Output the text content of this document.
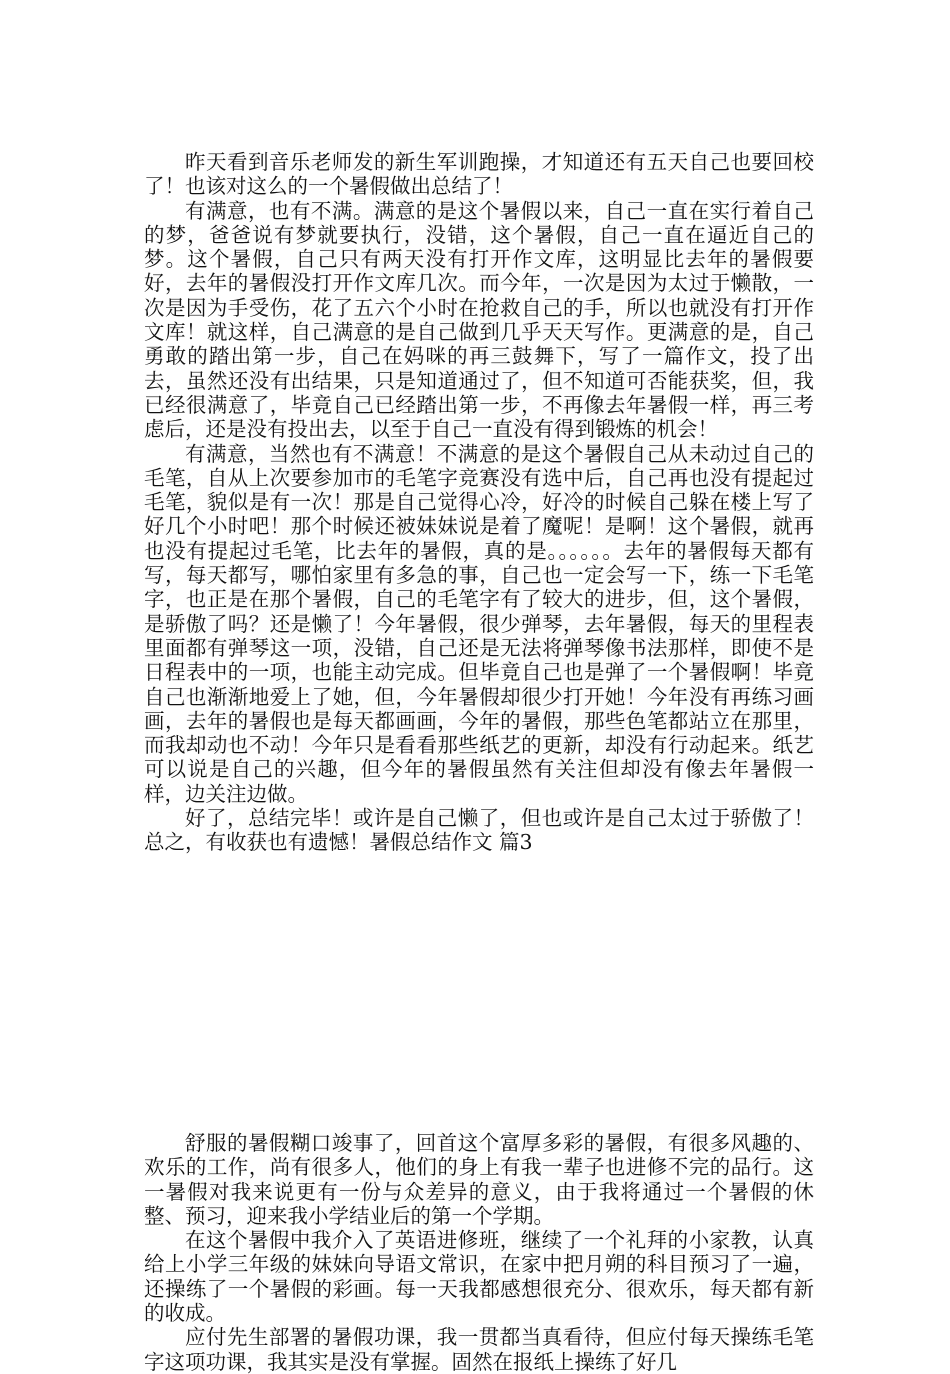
昨天看到音乐老师发的新生军训跑操，才知道还有五天自己也要回校了！也该对这么的一个暑假做出总结了！

有满意，也有不满。满意的是这个暑假以来，自己一直在实行着自己的梦，爸爸说有梦就要执行，没错，这个暑假，自己一直在逼近自己的梦。这个暑假，自己只有两天没有打开作文库，这明显比去年的暑假要好，去年的暑假没打开作文库几次。而今年，一次是因为太过于懒散，一次是因为手受伤，花了五六个小时在抢救自己的手，所以也就没有打开作文库！就这样，自己满意的是自己做到几乎天天写作。更满意的是，自己勇敢的踏出第一步，自己在妈咪的再三鼓舞下，写了一篇作文，投了出去，虽然还没有出结果，只是知道通过了，但不知道可否能获奖，但，我已经很满意了，毕竟自己已经踏出第一步，不再像去年暑假一样，再三考虑后，还是没有投出去，以至于自己一直没有得到锻炼的机会！

有满意，当然也有不满意！不满意的是这个暑假自己从未动过自己的毛笔，自从上次要参加市的毛笔字竞赛没有选中后，自己再也没有提起过毛笔，貌似是有一次！那是自己觉得心冷，好冷的时候自己躲在楼上写了好几个小时吧！那个时候还被妹妹说是着了魔呢！是啊！这个暑假，就再也没有提起过毛笔，比去年的暑假，真的是。。。。。。去年的暑假每天都有写，每天都写，哪怕家里有多急的事，自己也一定会写一下，练一下毛笔字，也正是在那个暑假，自己的毛笔字有了较大的进步，但，这个暑假，是骄傲了吗？还是懒了！今年暑假，很少弹琴，去年暑假，每天的里程表里面都有弹琴这一项，没错，自己还是无法将弹琴像书法那样，即使不是日程表中的一项，也能主动完成。但毕竟自己也是弹了一个暑假啊！毕竟自己也渐渐地爱上了她，但，今年暑假却很少打开她！今年没有再练习画画，去年的暑假也是每天都画画，今年的暑假，那些色笔都站立在那里，而我却动也不动！今年只是看看那些纸艺的更新，却没有行动起来。纸艺可以说是自己的兴趣，但今年的暑假虽然有关注但却没有像去年暑假一样，边关注边做。

好了，总结完毕！或许是自己懒了，但也或许是自己太过于骄傲了！总之，有收获也有遗憾！暑假总结作文 篇3

舒服的暑假糊口竣事了，回首这个富厚多彩的暑假，有很多风趣的、欢乐的工作，尚有很多人，他们的身上有我一辈子也进修不完的品行。这一暑假对我来说更有一份与众差异的意义，由于我将通过一个暑假的休整、预习，迎来我小学结业后的第一个学期。

在这个暑假中我介入了英语进修班，继续了一个礼拜的小家教，认真给上小学三年级的妹妹向导语文常识，在家中把月朔的科目预习了一遍，还操练了一个暑假的彩画。每一天我都感想很充分、很欢乐，每天都有新的收成。

应付先生部署的暑假功课，我一贯都当真看待，但应付每天操练毛笔字这项功课，我其实是没有掌握。固然在报纸上操练了好几
